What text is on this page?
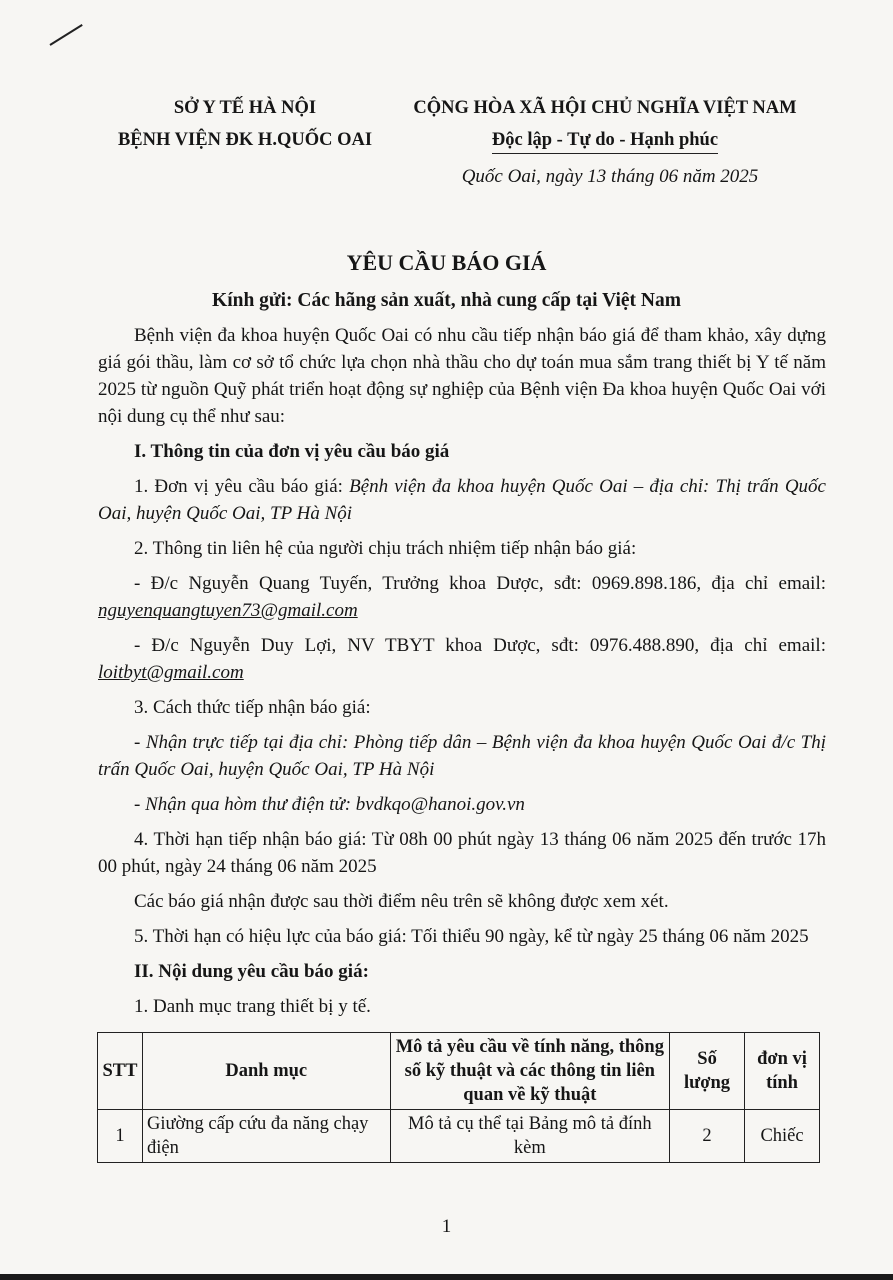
SỞ Y TẾ HÀ NỘI
BỆNH VIỆN ĐK H.QUỐC OAI
CỘNG HÒA XÃ HỘI CHỦ NGHĨA VIỆT NAM
Độc lập - Tự do - Hạnh phúc
Quốc Oai, ngày 13 tháng 06 năm 2025
YÊU CẦU BÁO GIÁ
Kính gửi: Các hãng sản xuất, nhà cung cấp tại Việt Nam

Bệnh viện đa khoa huyện Quốc Oai có nhu cầu tiếp nhận báo giá để tham khảo, xây dựng giá gói thầu, làm cơ sở tổ chức lựa chọn nhà thầu cho dự toán mua sắm trang thiết bị Y tế năm 2025 từ nguồn Quỹ phát triển hoạt động sự nghiệp của Bệnh viện Đa khoa huyện Quốc Oai với nội dung cụ thể như sau:

I. Thông tin của đơn vị yêu cầu báo giá

1. Đơn vị yêu cầu báo giá: Bệnh viện đa khoa huyện Quốc Oai – địa chỉ: Thị trấn Quốc Oai, huyện Quốc Oai, TP Hà Nội

2. Thông tin liên hệ của người chịu trách nhiệm tiếp nhận báo giá:

- Đ/c Nguyễn Quang Tuyến, Trưởng khoa Dược, sđt: 0969.898.186, địa chỉ email: nguyenquangtuyen73@gmail.com

- Đ/c Nguyễn Duy Lợi, NV TBYT khoa Dược, sđt: 0976.488.890, địa chỉ email: loitbyt@gmail.com

3. Cách thức tiếp nhận báo giá:

- Nhận trực tiếp tại địa chỉ: Phòng tiếp dân – Bệnh viện đa khoa huyện Quốc Oai đ/c Thị trấn Quốc Oai, huyện Quốc Oai, TP Hà Nội

- Nhận qua hòm thư điện tử: bvdkqo@hanoi.gov.vn

4. Thời hạn tiếp nhận báo giá: Từ 08h 00 phút ngày 13 tháng 06 năm 2025 đến trước 17h 00 phút, ngày 24 tháng 06 năm 2025

Các báo giá nhận được sau thời điểm nêu trên sẽ không được xem xét.

5. Thời hạn có hiệu lực của báo giá: Tối thiểu 90 ngày, kể từ ngày 25 tháng 06 năm 2025

II. Nội dung yêu cầu báo giá:

1. Danh mục trang thiết bị y tế.

STT	Danh mục	Mô tả yêu cầu về tính năng, thông số kỹ thuật và các thông tin liên quan về kỹ thuật	Số lượng	đơn vị tính
1	Giường cấp cứu đa năng chạy điện	Mô tả cụ thể tại Bảng mô tả đính kèm	2	Chiếc
1
